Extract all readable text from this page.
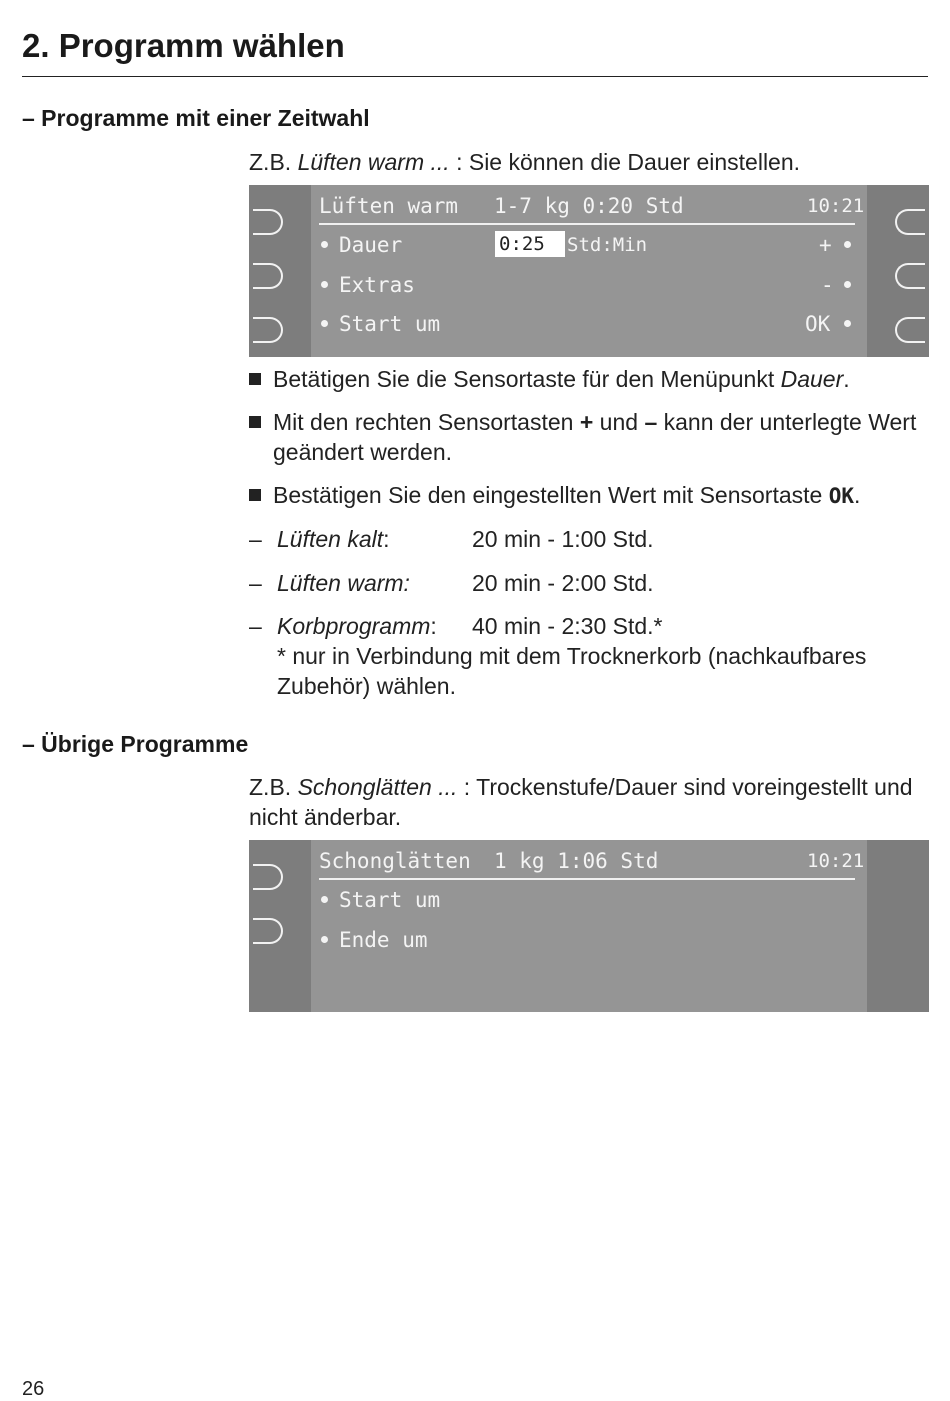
2. Programm wählen
– Programme mit einer Zeitwahl
Z.B. Lüften warm ... : Sie können die Dauer einstellen.
Lüften warm 1-7 kg 0:20 Std	10:21
Dauer	0:25	Std:Min	+
Extras	-
Start um	OK
Betätigen Sie die Sensortaste für den Menüpunkt Dauer.
Mit den rechten Sensortasten + und – kann der unterlegte Wert geändert werden.
Bestätigen Sie den eingestellten Wert mit Sensortaste OK.
– Lüften kalt:	20 min - 1:00 Std.
– Lüften warm:	20 min - 2:00 Std.
– Korbprogramm: 40 min - 2:30 Std.*
* nur in Verbindung mit dem Trocknerkorb (nachkaufbares Zubehör) wählen.
– Übrige Programme
Z.B. Schonglätten ... : Trockenstufe/Dauer sind voreingestellt und nicht änderbar.
Schonglätten 1 kg 1:06 Std	10:21
Start um
Ende um
26
